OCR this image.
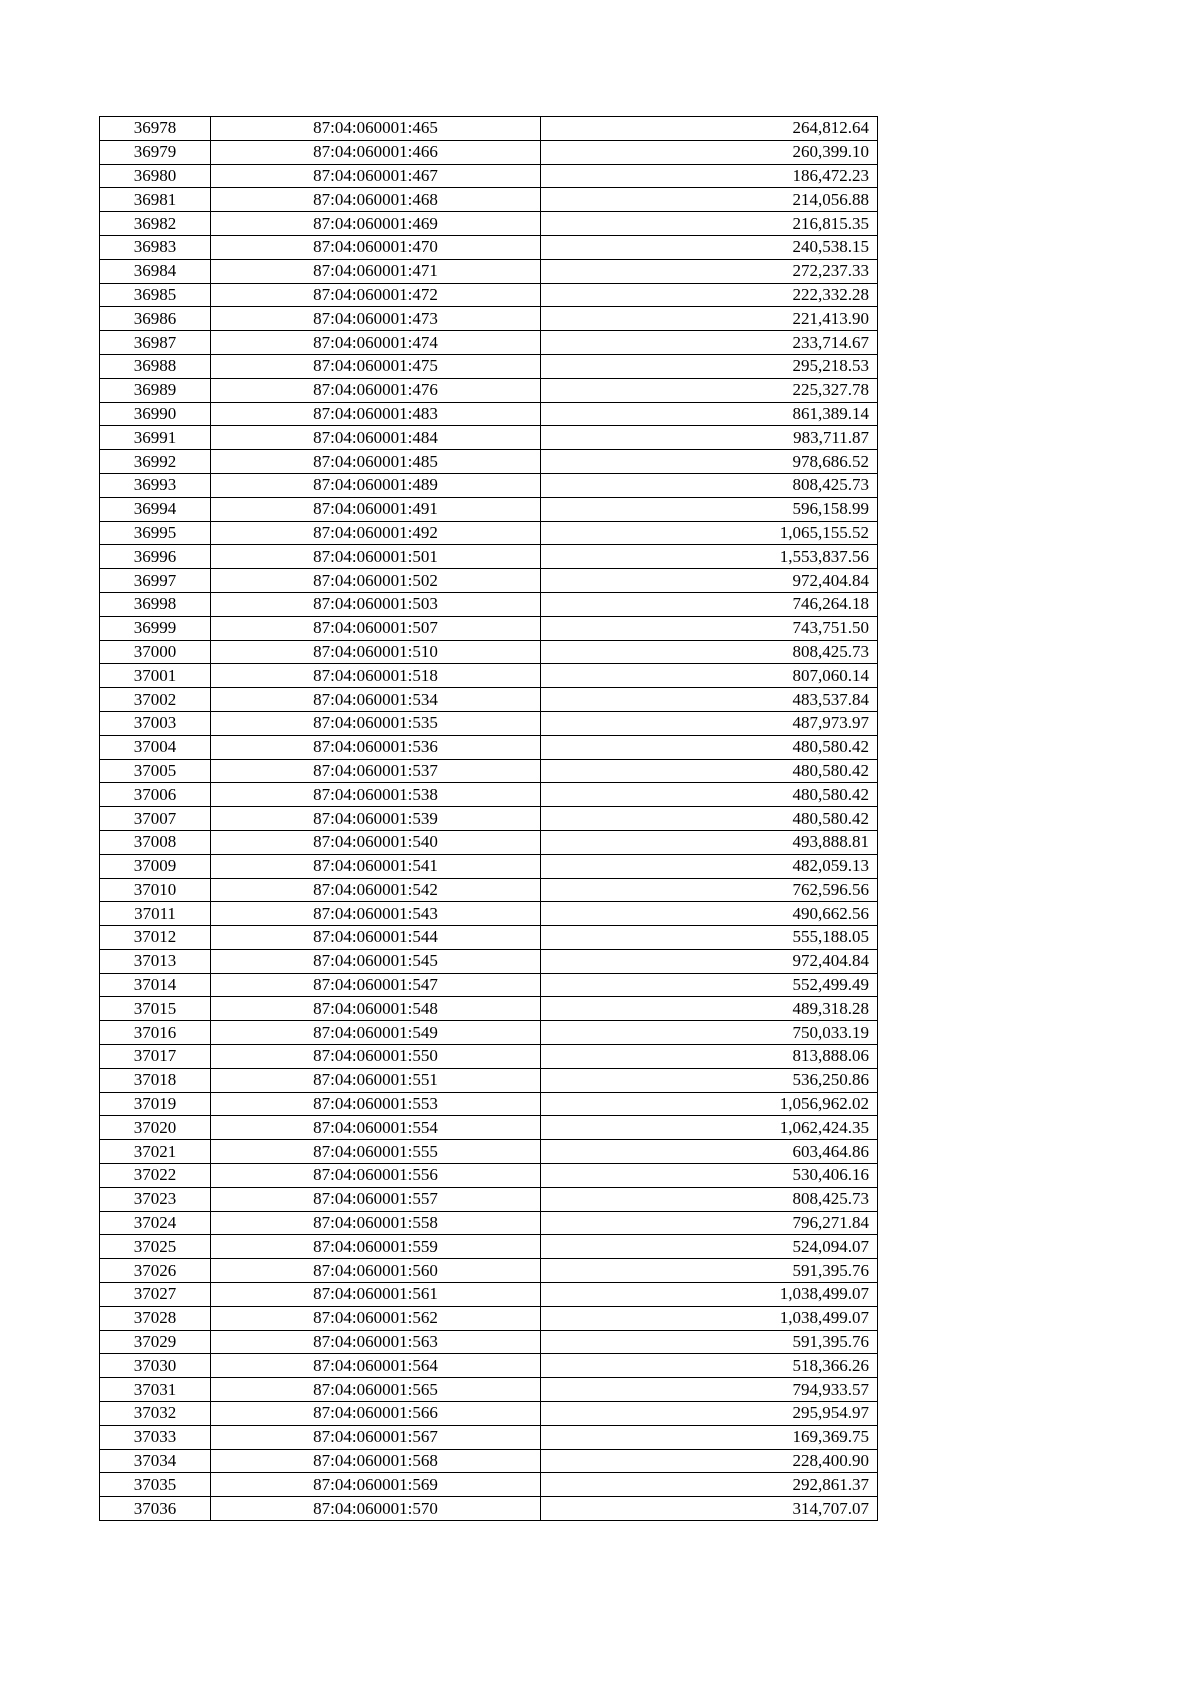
36978	87:04:060001:465	264,812.64
36979	87:04:060001:466	260,399.10
36980	87:04:060001:467	186,472.23
36981	87:04:060001:468	214,056.88
36982	87:04:060001:469	216,815.35
36983	87:04:060001:470	240,538.15
36984	87:04:060001:471	272,237.33
36985	87:04:060001:472	222,332.28
36986	87:04:060001:473	221,413.90
36987	87:04:060001:474	233,714.67
36988	87:04:060001:475	295,218.53
36989	87:04:060001:476	225,327.78
36990	87:04:060001:483	861,389.14
36991	87:04:060001:484	983,711.87
36992	87:04:060001:485	978,686.52
36993	87:04:060001:489	808,425.73
36994	87:04:060001:491	596,158.99
36995	87:04:060001:492	1,065,155.52
36996	87:04:060001:501	1,553,837.56
36997	87:04:060001:502	972,404.84
36998	87:04:060001:503	746,264.18
36999	87:04:060001:507	743,751.50
37000	87:04:060001:510	808,425.73
37001	87:04:060001:518	807,060.14
37002	87:04:060001:534	483,537.84
37003	87:04:060001:535	487,973.97
37004	87:04:060001:536	480,580.42
37005	87:04:060001:537	480,580.42
37006	87:04:060001:538	480,580.42
37007	87:04:060001:539	480,580.42
37008	87:04:060001:540	493,888.81
37009	87:04:060001:541	482,059.13
37010	87:04:060001:542	762,596.56
37011	87:04:060001:543	490,662.56
37012	87:04:060001:544	555,188.05
37013	87:04:060001:545	972,404.84
37014	87:04:060001:547	552,499.49
37015	87:04:060001:548	489,318.28
37016	87:04:060001:549	750,033.19
37017	87:04:060001:550	813,888.06
37018	87:04:060001:551	536,250.86
37019	87:04:060001:553	1,056,962.02
37020	87:04:060001:554	1,062,424.35
37021	87:04:060001:555	603,464.86
37022	87:04:060001:556	530,406.16
37023	87:04:060001:557	808,425.73
37024	87:04:060001:558	796,271.84
37025	87:04:060001:559	524,094.07
37026	87:04:060001:560	591,395.76
37027	87:04:060001:561	1,038,499.07
37028	87:04:060001:562	1,038,499.07
37029	87:04:060001:563	591,395.76
37030	87:04:060001:564	518,366.26
37031	87:04:060001:565	794,933.57
37032	87:04:060001:566	295,954.97
37033	87:04:060001:567	169,369.75
37034	87:04:060001:568	228,400.90
37035	87:04:060001:569	292,861.37
37036	87:04:060001:570	314,707.07
